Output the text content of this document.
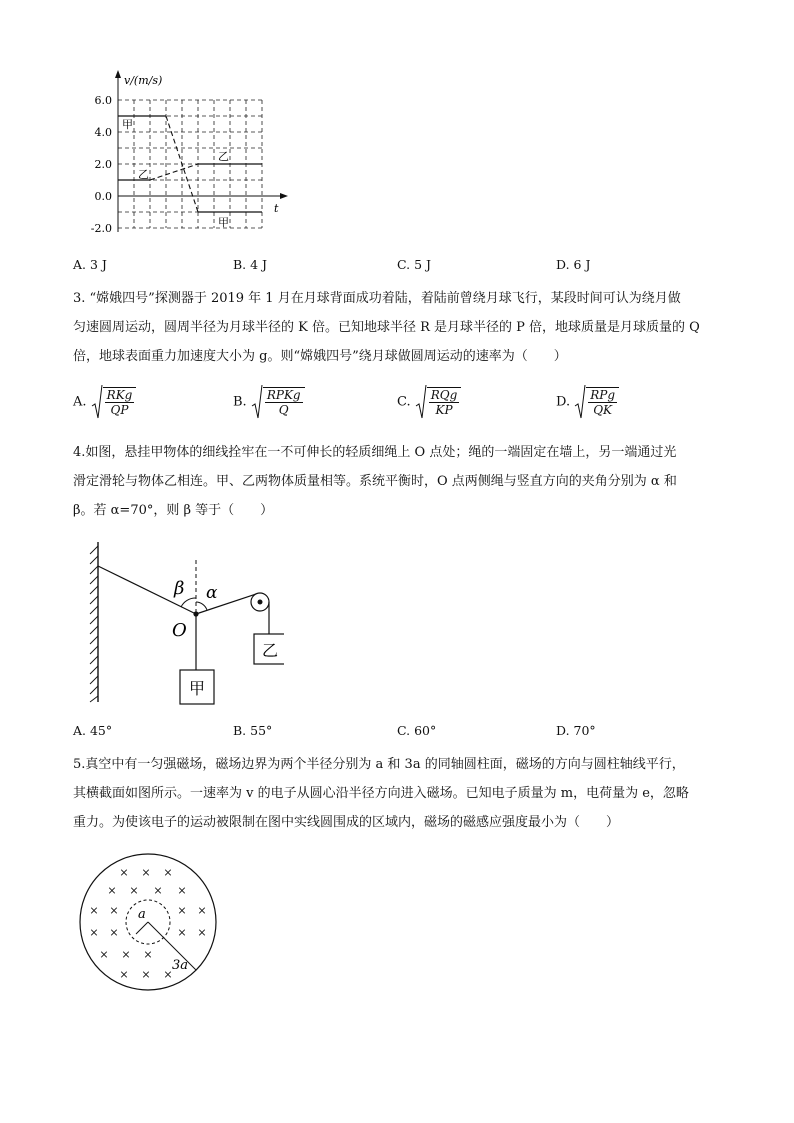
v/(m/s)
t
6.0
4.0
2.0
0.0
-2.0
甲
甲
乙
乙
A. 3 J	B. 4 J	C. 5 J	D. 6 J

3. “嫦娥四号”探测器于 2019 年 1 月在月球背面成功着陆，着陆前曾绕月球飞行，某段时间可认为绕月做

匀速圆周运动，圆周半径为月球半径的 K 倍。已知地球半径 R 是月球半径的 P 倍，地球质量是月球质量的 Q

倍，地球表面重力加速度大小为 g。则“嫦娥四号”绕月球做圆周运动的速率为（　　）

A. $\frac{\text{RKg}}{QP}$	B. $\frac{\text{RPKg}}{Q}$	C. $\frac{\text{RQg}}{KP}$	D. $\frac{\text{RPg}}{QK}$

4.如图，悬挂甲物体的细线拴牢在一不可伸长的轻质细绳上 O 点处；绳的一端固定在墙上，另一端通过光

滑定滑轮与物体乙相连。甲、乙两物体质量相等。系统平衡时，O 点两侧绳与竖直方向的夹角分别为 α 和

β。若 α=70°，则 β 等于（　　）

甲
乙
β α
O
A. 45°	B. 55°	C. 60°	D. 70°

5.真空中有一匀强磁场，磁场边界为两个半径分别为 a 和 3a 的同轴圆柱面，磁场的方向与圆柱轴线平行，

其横截面如图所示。一速率为 v 的电子从圆心沿半径方向进入磁场。已知电子质量为 m，电荷量为 e，忽略

重力。为使该电子的运动被限制在图中实线圆围成的区域内，磁场的磁感应强度最小为（　　）

a
3a
× × ×
× × × ×
× ×	× ×
× ×	× ×
× × ×
× × ×
